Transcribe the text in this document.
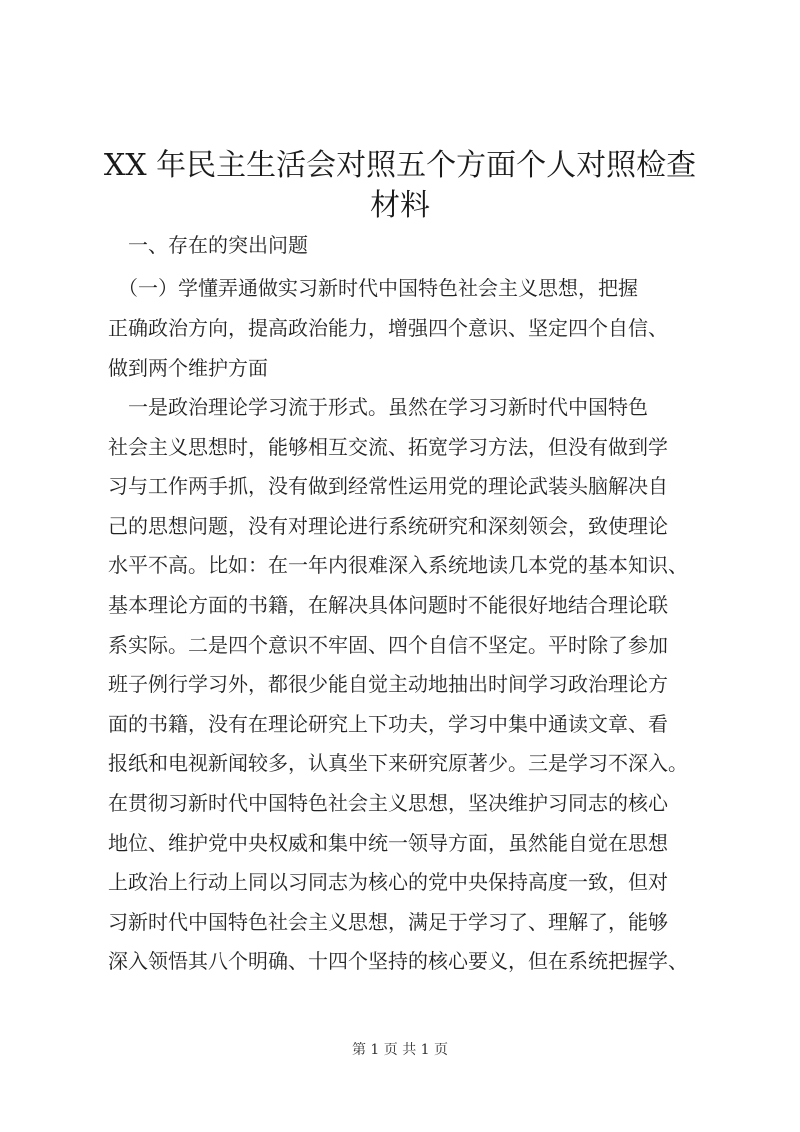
XX 年民主生活会对照五个方面个人对照检查
材料
　一、存在的突出问题
　（一）学懂弄通做实习新时代中国特色社会主义思想，把握
正确政治方向，提高政治能力，增强四个意识、坚定四个自信、
做到两个维护方面
　一是政治理论学习流于形式。虽然在学习习新时代中国特色
社会主义思想时，能够相互交流、拓宽学习方法，但没有做到学
习与工作两手抓，没有做到经常性运用党的理论武装头脑解决自
己的思想问题，没有对理论进行系统研究和深刻领会，致使理论
水平不高。比如：在一年内很难深入系统地读几本党的基本知识、
基本理论方面的书籍，在解决具体问题时不能很好地结合理论联
系实际。二是四个意识不牢固、四个自信不坚定。平时除了参加
班子例行学习外，都很少能自觉主动地抽出时间学习政治理论方
面的书籍，没有在理论研究上下功夫，学习中集中通读文章、看
报纸和电视新闻较多，认真坐下来研究原著少。三是学习不深入。
在贯彻习新时代中国特色社会主义思想，坚决维护习同志的核心
地位、维护党中央权威和集中统一领导方面，虽然能自觉在思想
上政治上行动上同以习同志为核心的党中央保持高度一致，但对
习新时代中国特色社会主义思想，满足于学习了、理解了，能够
深入领悟其八个明确、十四个坚持的核心要义，但在系统把握学、
第 1 页 共 1 页
